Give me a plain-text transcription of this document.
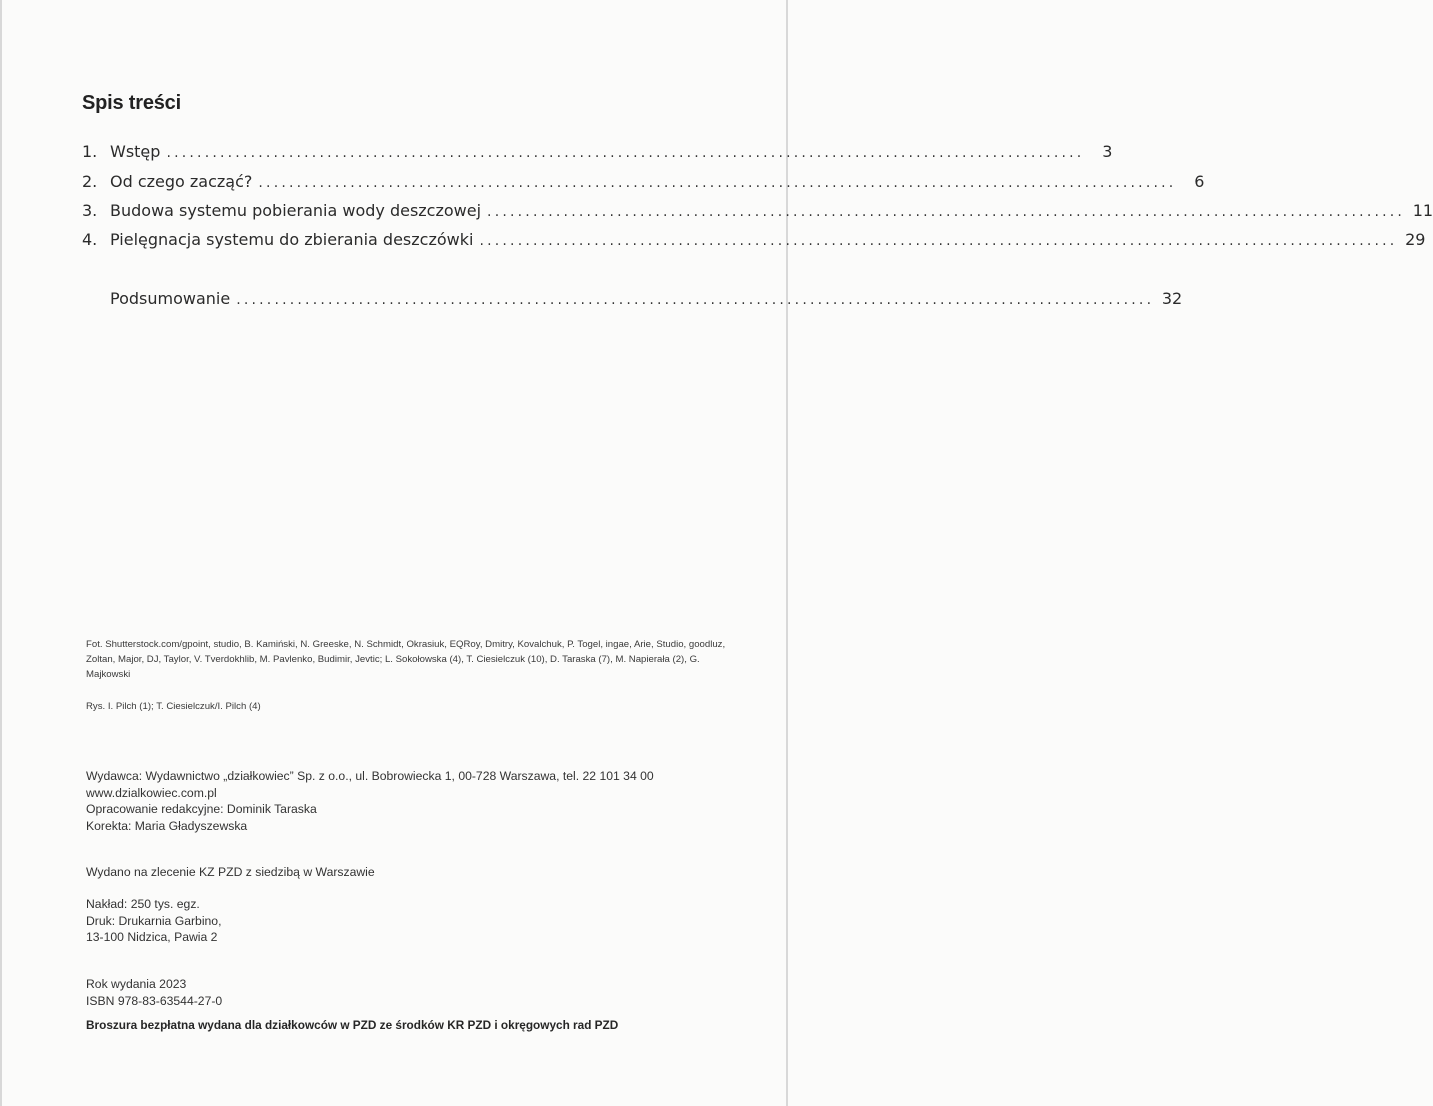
Spis treści
1. Wstęp ........................................................................................................................	3
2. Od czego zacząć? ........................................................................................................................	6
3. Budowa systemu pobierania wody deszczowej ........................................................................................................................ 11
4. Pielęgnacja systemu do zbierania deszczówki ........................................................................................................................ 29
Podsumowanie ........................................................................................................................ 32
Fot. Shutterstock.com/gpoint, studio, B. Kamiński, N. Greeske, N. Schmidt, Okrasiuk, EQRoy, Dmitry, Kovalchuk, P. Togel, ingae, Arie, Studio, goodluz, Zoltan, Major, DJ, Taylor, V. Tverdokhlib, M. Pavlenko, Budimir, Jevtic; L. Sokołowska (4), T. Ciesielczuk (10), D. Taraska (7), M. Napierała (2), G. Majkowski
Rys. I. Pilch (1); T. Ciesielczuk/I. Pilch (4)
Wydawca: Wydawnictwo „działkowiec” Sp. z o.o., ul. Bobrowiecka 1, 00-728 Warszawa, tel. 22 101 34 00
www.dzialkowiec.com.pl
Opracowanie redakcyjne: Dominik Taraska
Korekta: Maria Gładyszewska
Wydano na zlecenie KZ PZD z siedzibą w Warszawie
Nakład: 250 tys. egz.
Druk: Drukarnia Garbino,
13-100 Nidzica, Pawia 2
Rok wydania 2023
ISBN 978-83-63544-27-0
Broszura bezpłatna wydana dla działkowców w PZD ze środków KR PZD i okręgowych rad PZD
